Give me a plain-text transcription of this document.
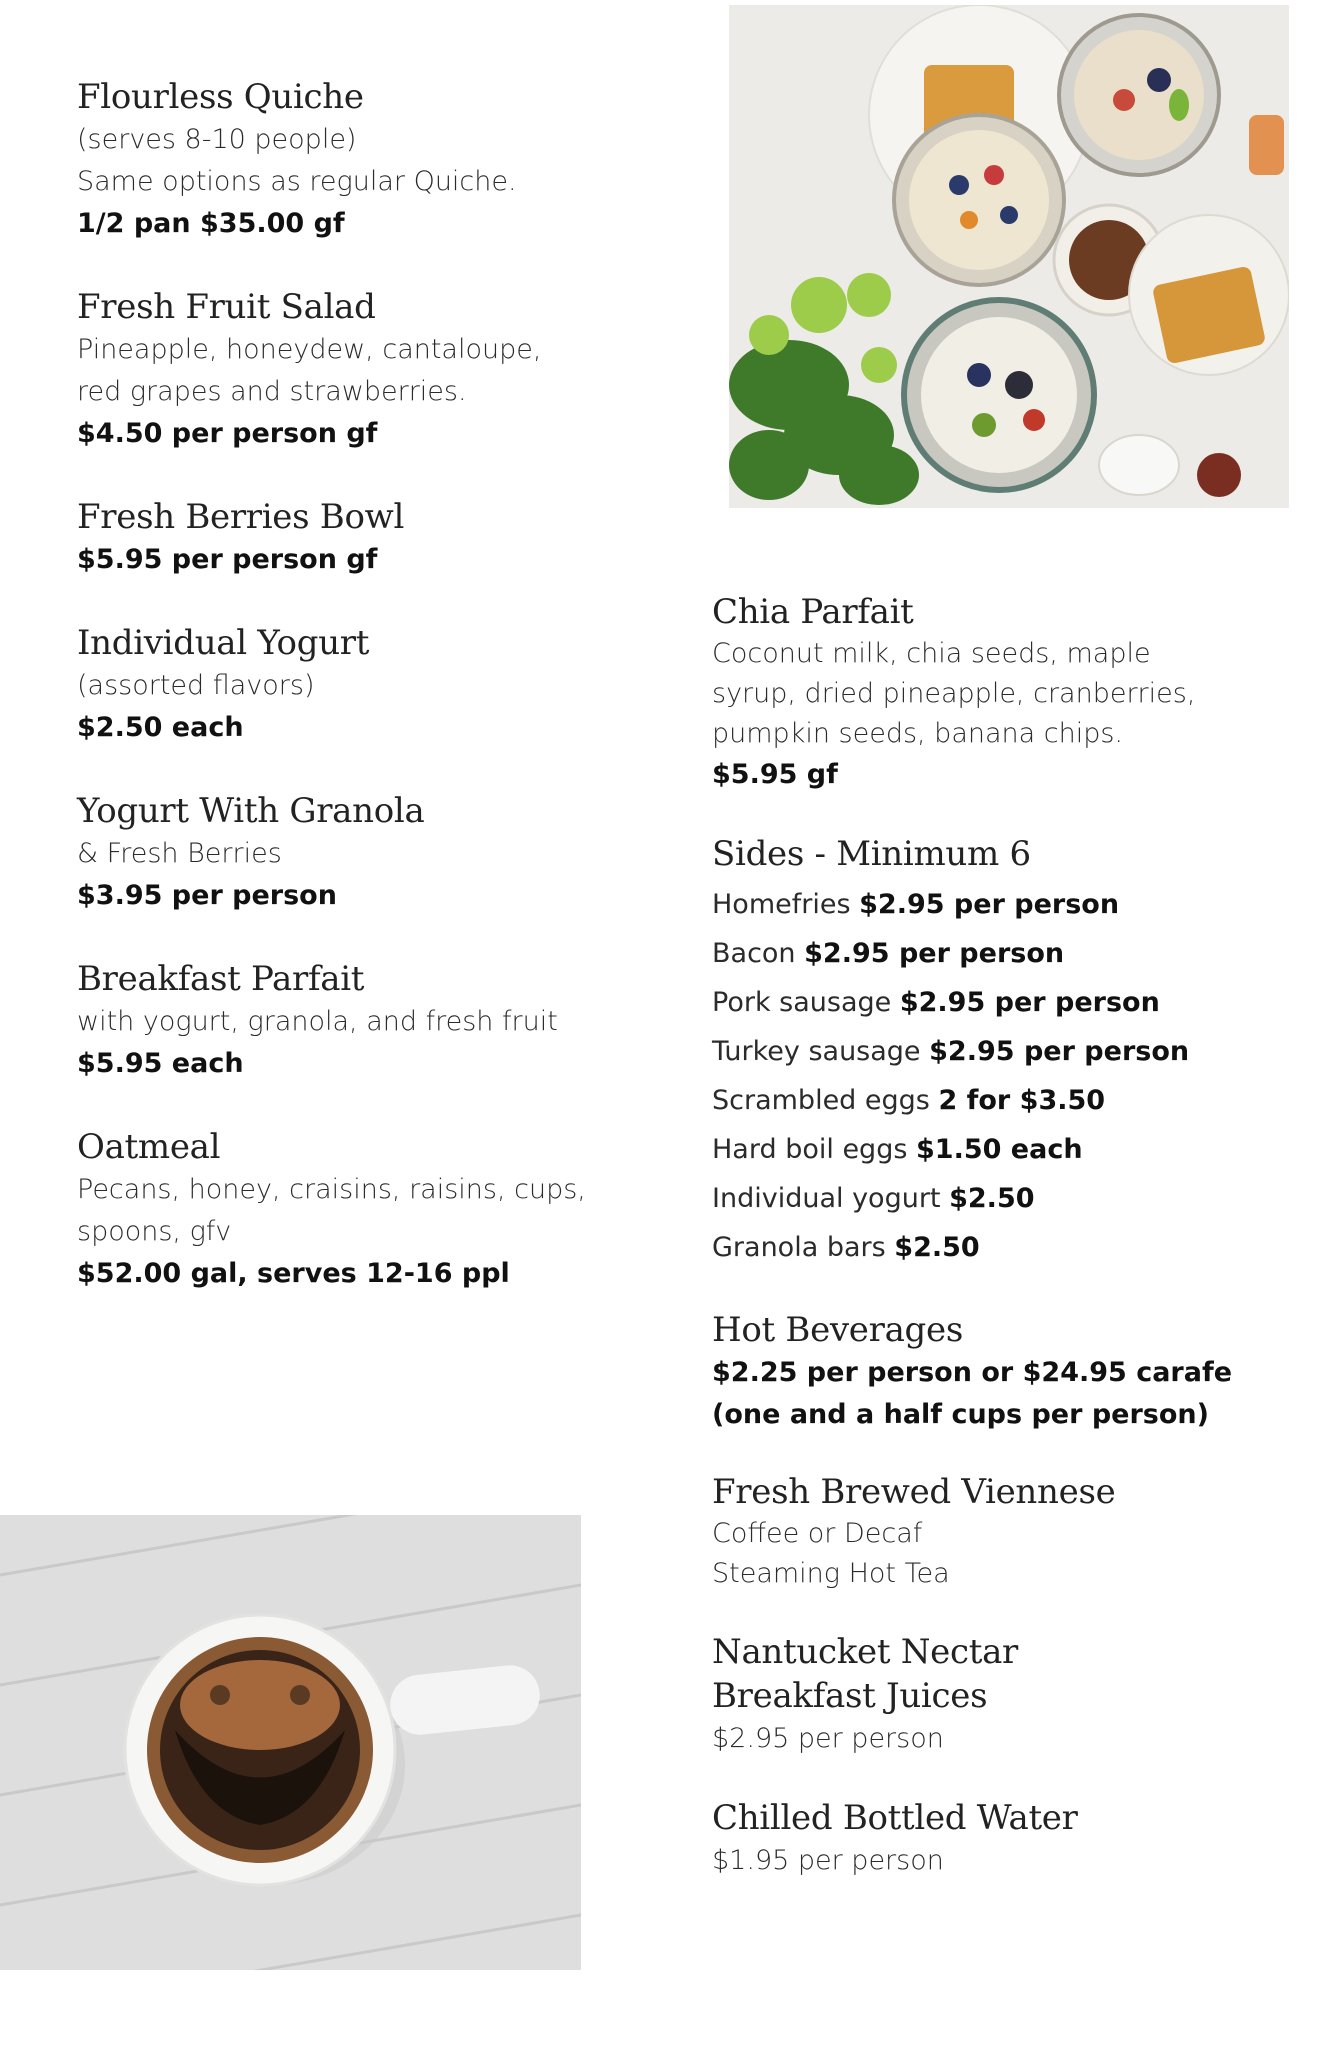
Flourless Quiche
(serves 8-10 people)
Same options as regular Quiche.
1/2 pan $35.00 gf
Fresh Fruit Salad
Pineapple, honeydew, cantaloupe,
red grapes and strawberries.
$4.50 per person gf
Fresh Berries Bowl
$5.95 per person gf
Individual Yogurt
(assorted flavors)
$2.50 each
Yogurt With Granola
& Fresh Berries
$3.95 per person
Breakfast Parfait
with yogurt, granola, and fresh fruit
$5.95 each
Oatmeal
Pecans, honey, craisins, raisins, cups,
spoons, gfv
$52.00 gal, serves 12-16 ppl
Chia Parfait
Coconut milk, chia seeds, maple
syrup, dried pineapple, cranberries,
pumpkin seeds, banana chips.
$5.95 gf
Sides - Minimum 6
Homefries $2.95 per person
Bacon $2.95 per person
Pork sausage $2.95 per person
Turkey sausage $2.95 per person
Scrambled eggs 2 for $3.50
Hard boil eggs $1.50 each
Individual yogurt $2.50
Granola bars $2.50
Hot Beverages
$2.25 per person or $24.95 carafe
(one and a half cups per person)
Fresh Brewed Viennese
Coffee or Decaf
Steaming Hot Tea
Nantucket Nectar
Breakfast Juices
$2.95 per person
Chilled Bottled Water
$1.95 per person
